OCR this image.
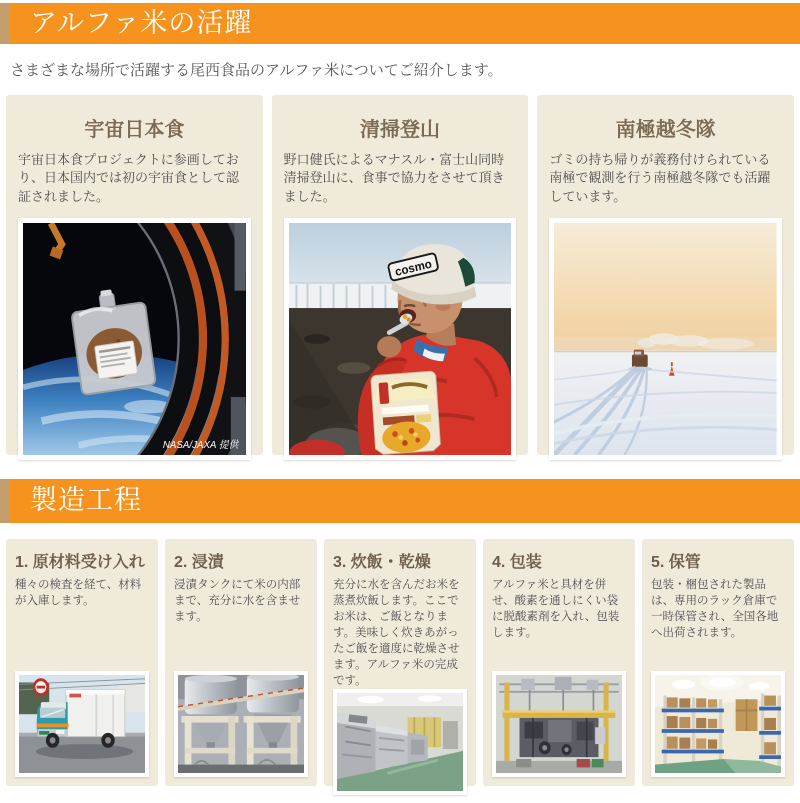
アルファ米の活躍

さまざまな場所で活躍する尾西食品のアルファ米についてご紹介します。

宇宙日本食

宇宙日本食プロジェクトに参画しており、日本国内では初の宇宙食として認証されました。

NASA/JAXA 提供
清掃登山

野口健氏によるマナスル・富士山同時清掃登山に、食事で協力をさせて頂きました。

cosmo
南極越冬隊

ゴミの持ち帰りが義務付けられている南極で観測を行う南極越冬隊でも活躍しています。

製造工程
1. 原材料受け入れ

種々の検査を経て、材料が入庫します。

2. 浸漬

浸漬タンクにて米の内部まで、充分に水を含ませます。

3. 炊飯・乾燥

充分に水を含んだお米を蒸煮炊飯します。ここでお米は、ご飯となります。美味しく炊きあがったご飯を適度に乾燥させます。アルファ米の完成です。

4. 包装

アルファ米と具材を併せ、酸素を通しにくい袋に脱酸素剤を入れ、包装します。

5. 保管

包装・梱包された製品は、専用のラック倉庫で一時保管され、全国各地へ出荷されます。
